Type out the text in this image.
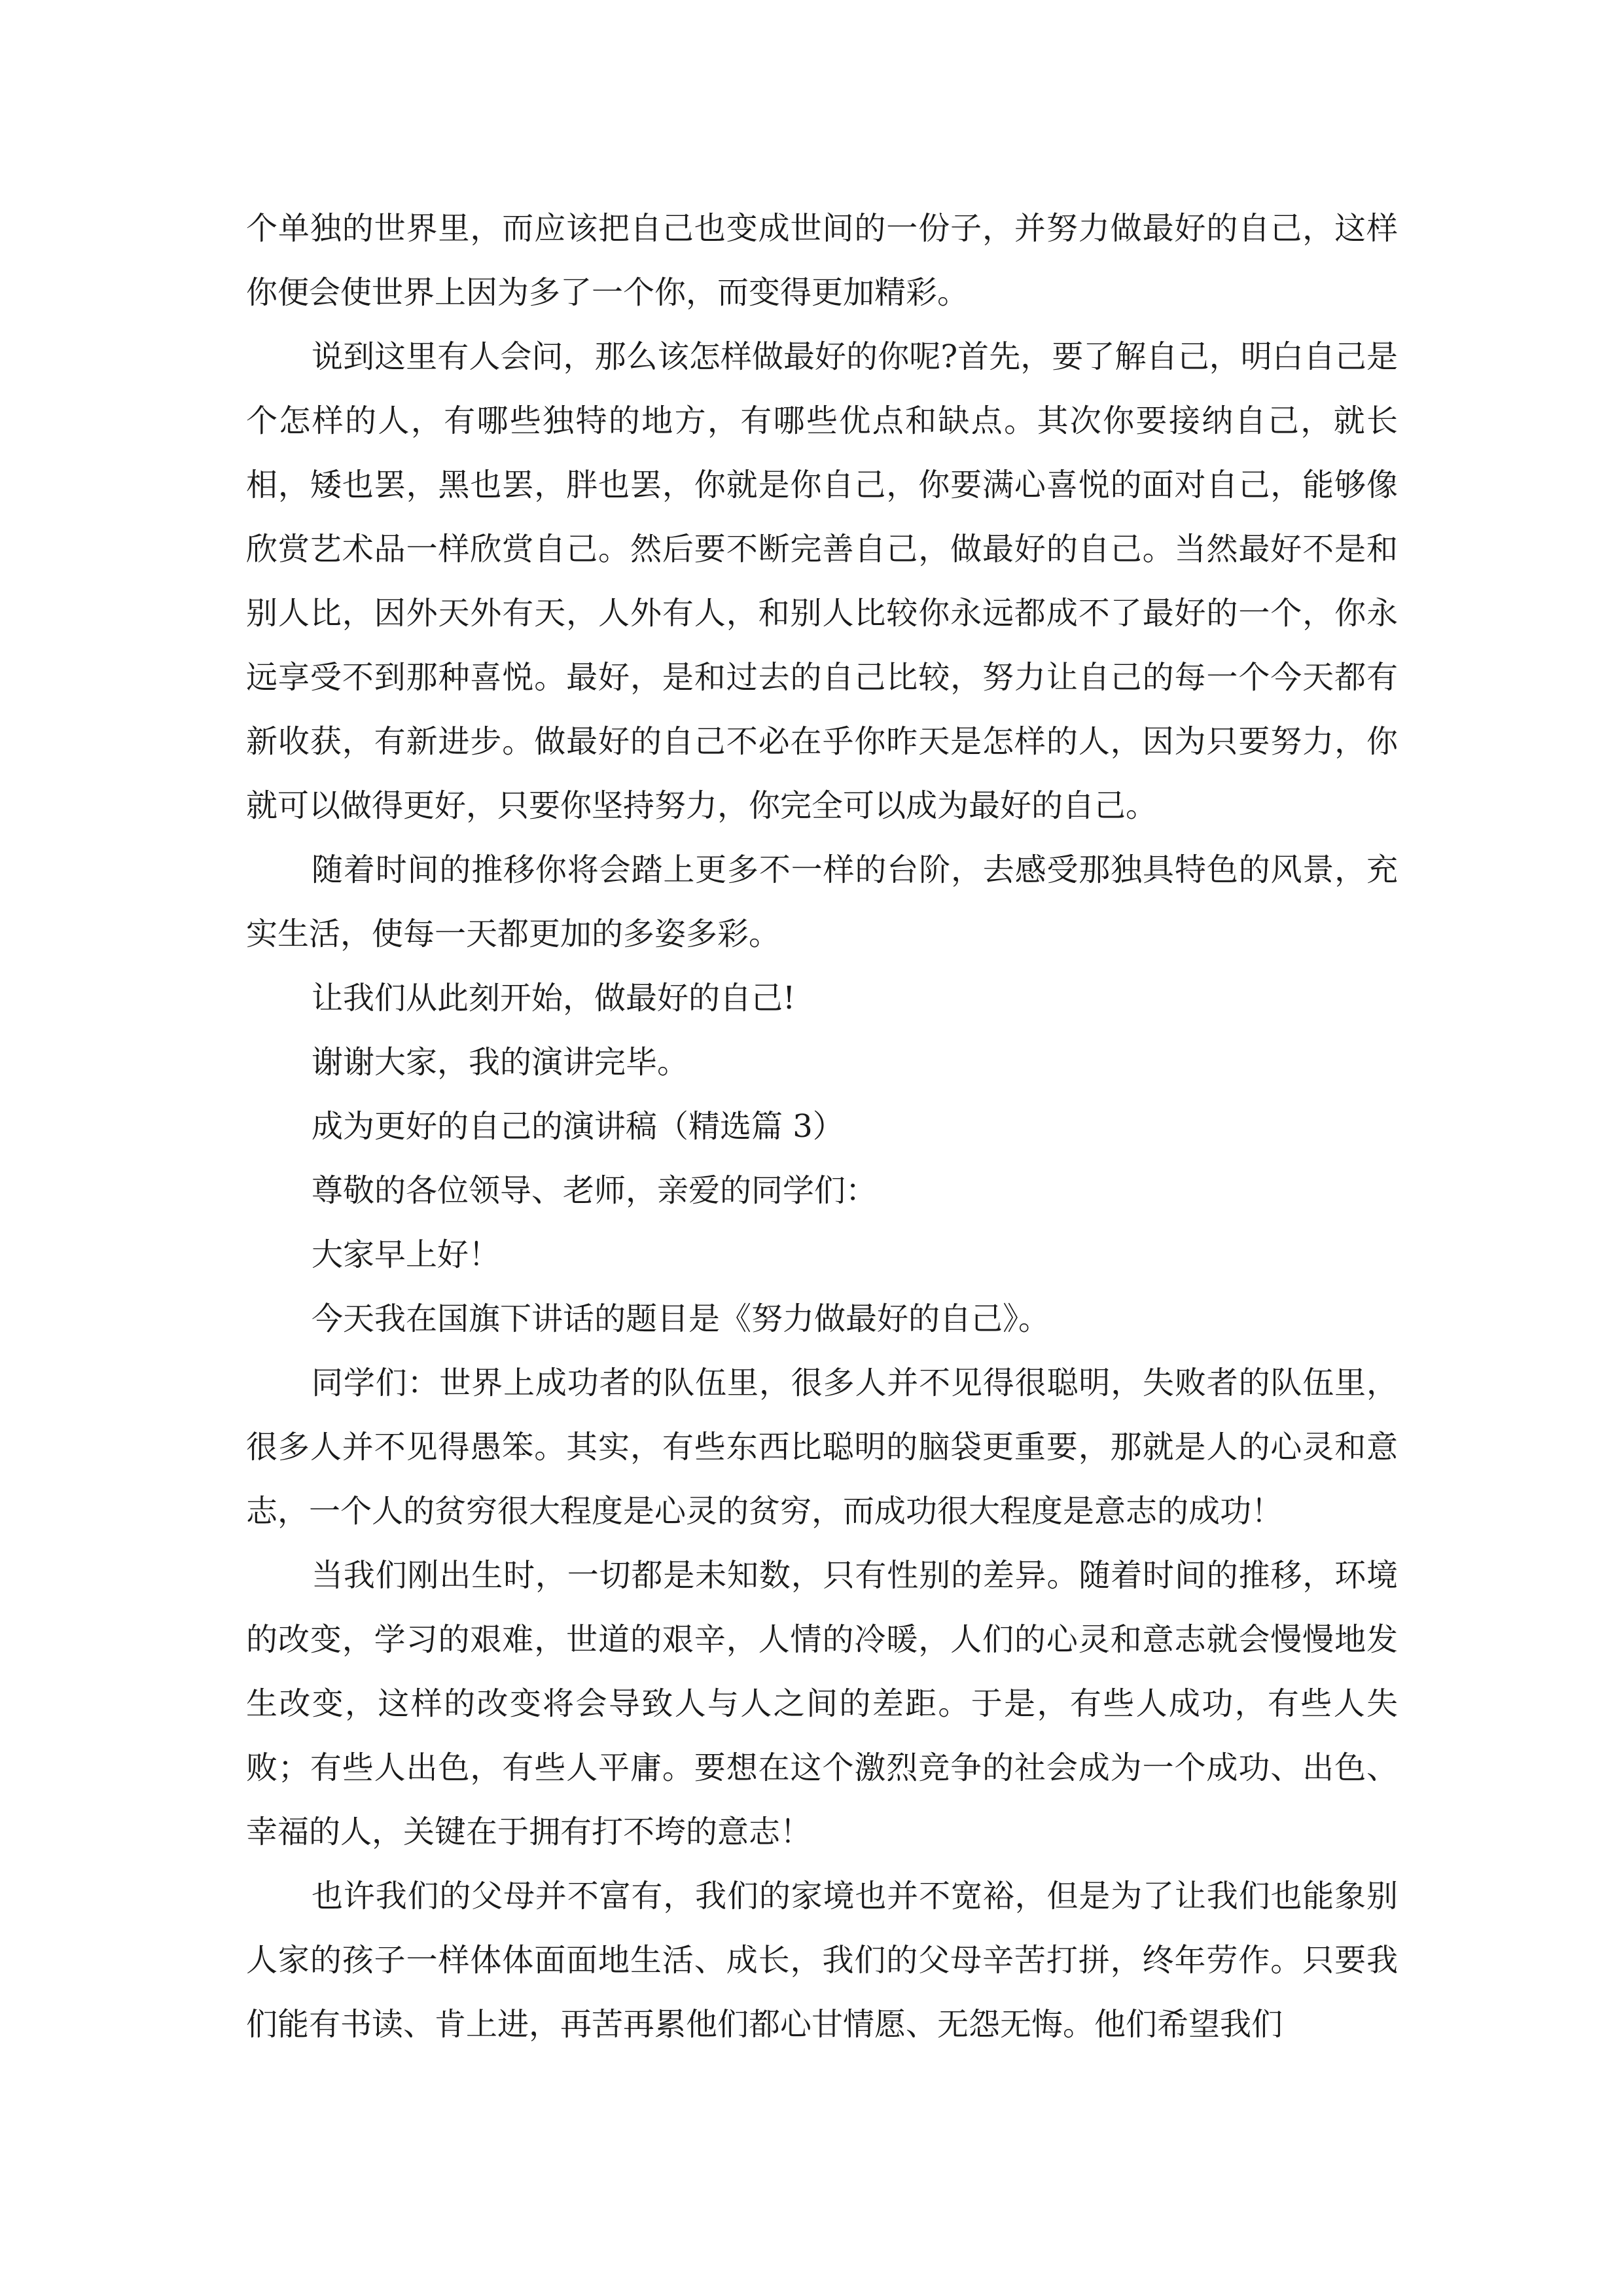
个单独的世界里，而应该把自己也变成世间的一份子，并努力做最好的自己，这样你便会使世界上因为多了一个你，而变得更加精彩。

说到这里有人会问，那么该怎样做最好的你呢?首先，要了解自己，明白自己是个怎样的人，有哪些独特的地方，有哪些优点和缺点。其次你要接纳自己，就长相，矮也罢，黑也罢，胖也罢，你就是你自己，你要满心喜悦的面对自己，能够像欣赏艺术品一样欣赏自己。然后要不断完善自己，做最好的自己。当然最好不是和别人比，因外天外有天，人外有人，和别人比较你永远都成不了最好的一个，你永远享受不到那种喜悦。最好，是和过去的自己比较，努力让自己的每一个今天都有新收获，有新进步。做最好的自己不必在乎你昨天是怎样的人，因为只要努力，你就可以做得更好，只要你坚持努力，你完全可以成为最好的自己。

随着时间的推移你将会踏上更多不一样的台阶，去感受那独具特色的风景，充实生活，使每一天都更加的多姿多彩。

让我们从此刻开始，做最好的自己!

谢谢大家，我的演讲完毕。

成为更好的自己的演讲稿（精选篇 3）

尊敬的各位领导、老师，亲爱的同学们：

大家早上好！

今天我在国旗下讲话的题目是《努力做最好的自己》。

同学们：世界上成功者的队伍里，很多人并不见得很聪明，失败者的队伍里，很多人并不见得愚笨。其实，有些东西比聪明的脑袋更重要，那就是人的心灵和意志，一个人的贫穷很大程度是心灵的贫穷，而成功很大程度是意志的成功！

当我们刚出生时，一切都是未知数，只有性别的差异。随着时间的推移，环境的改变，学习的艰难，世道的艰辛，人情的冷暖，人们的心灵和意志就会慢慢地发生改变，这样的改变将会导致人与人之间的差距。于是，有些人成功，有些人失败；有些人出色，有些人平庸。要想在这个激烈竞争的社会成为一个成功、出色、幸福的人，关键在于拥有打不垮的意志！

也许我们的父母并不富有，我们的家境也并不宽裕，但是为了让我们也能象别人家的孩子一样体体面面地生活、成长，我们的父母辛苦打拼，终年劳作。只要我们能有书读、肯上进，再苦再累他们都心甘情愿、无怨无悔。他们希望我们
